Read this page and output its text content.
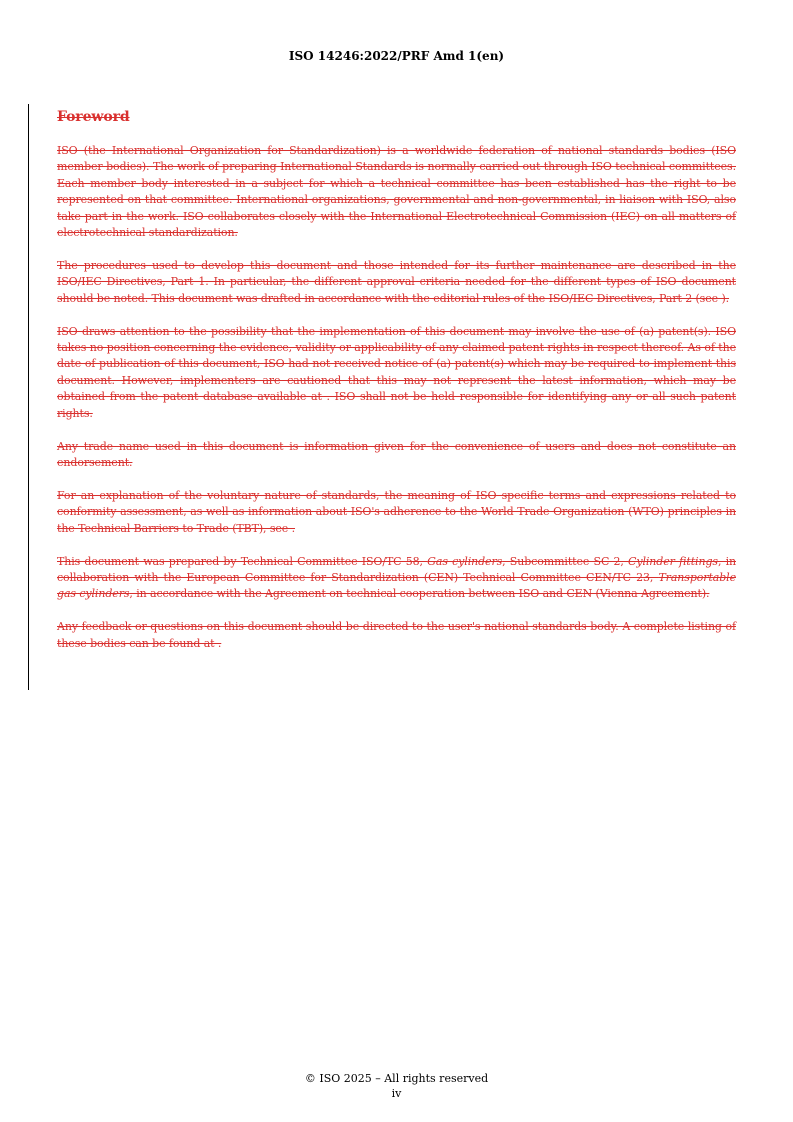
ISO 14246:2022/PRF Amd 1(en)
Foreword

ISO (the International Organization for Standardization) is a worldwide federation of national standards bodies (ISO member bodies). The work of preparing International Standards is normally carried out through ISO technical committees. Each member body interested in a subject for which a technical committee has been established has the right to be represented on that committee. International organizations, governmental and non-governmental, in liaison with ISO, also take part in the work. ISO collaborates closely with the International Electrotechnical Commission (IEC) on all matters of electrotechnical standardization.

The procedures used to develop this document and those intended for its further maintenance are described in the ISO/IEC Directives, Part 1. In particular, the different approval criteria needed for the different types of ISO document should be noted. This document was drafted in accordance with the editorial rules of the ISO/IEC Directives, Part 2 (see ).

ISO draws attention to the possibility that the implementation of this document may involve the use of (a) patent(s). ISO takes no position concerning the evidence, validity or applicability of any claimed patent rights in respect thereof. As of the date of publication of this document, ISO had not received notice of (a) patent(s) which may be required to implement this document. However, implementers are cautioned that this may not represent the latest information, which may be obtained from the patent database available at . ISO shall not be held responsible for identifying any or all such patent rights.

Any trade name used in this document is information given for the convenience of users and does not constitute an endorsement.

For an explanation of the voluntary nature of standards, the meaning of ISO specific terms and expressions related to conformity assessment, as well as information about ISO's adherence to the World Trade Organization (WTO) principles in the Technical Barriers to Trade (TBT), see .

This document was prepared by Technical Committee ISO/TC 58, Gas cylinders, Subcommittee SC 2, Cylinder fittings, in collaboration with the European Committee for Standardization (CEN) Technical Committee CEN/TC 23, Transportable gas cylinders, in accordance with the Agreement on technical cooperation between ISO and CEN (Vienna Agreement).

Any feedback or questions on this document should be directed to the user's national standards body. A complete listing of these bodies can be found at .

© ISO 2025 – All rights reserved
iv
